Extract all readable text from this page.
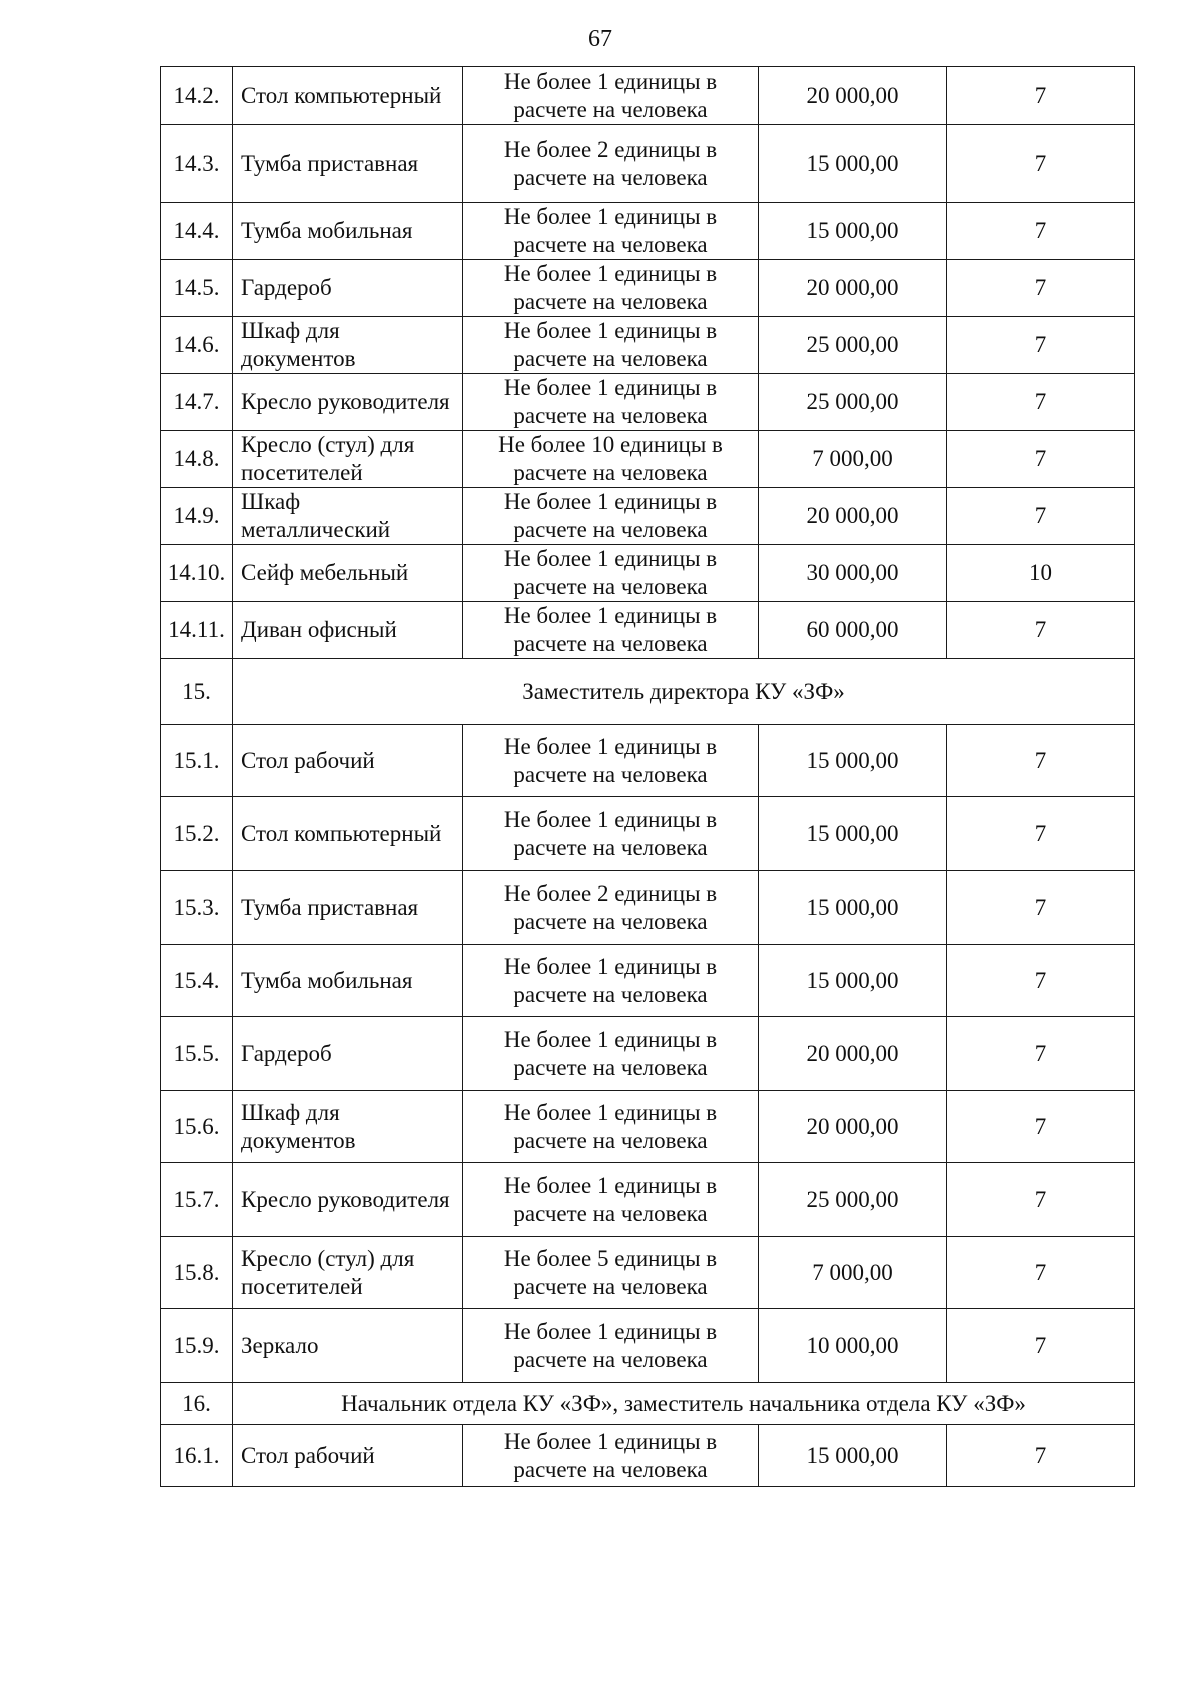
67
14.2.	Стол компьютерный	Не более 1 единицы в расчете на человека	20 000,00	7
14.3.	Тумба приставная	Не более 2 единицы в расчете на человека	15 000,00	7
14.4.	Тумба мобильная	Не более 1 единицы в расчете на человека	15 000,00	7
14.5.	Гардероб	Не более 1 единицы в расчете на человека	20 000,00	7
14.6.	Шкаф для документов	Не более 1 единицы в расчете на человека	25 000,00	7
14.7.	Кресло руководителя	Не более 1 единицы в расчете на человека	25 000,00	7
14.8.	Кресло (стул) для посетителей	Не более 10 единицы в расчете на человека	7 000,00	7
14.9.	Шкаф металлический	Не более 1 единицы в расчете на человека	20 000,00	7
14.10.	Сейф мебельный	Не более 1 единицы в расчете на человека	30 000,00	10
14.11.	Диван офисный	Не более 1 единицы в расчете на человека	60 000,00	7
15.	Заместитель директора КУ «ЗФ»			
15.1.	Стол рабочий	Не более 1 единицы в расчете на человека	15 000,00	7
15.2.	Стол компьютерный	Не более 1 единицы в расчете на человека	15 000,00	7
15.3.	Тумба приставная	Не более 2 единицы в расчете на человека	15 000,00	7
15.4.	Тумба мобильная	Не более 1 единицы в расчете на человека	15 000,00	7
15.5.	Гардероб	Не более 1 единицы в расчете на человека	20 000,00	7
15.6.	Шкаф для документов	Не более 1 единицы в расчете на человека	20 000,00	7
15.7.	Кресло руководителя	Не более 1 единицы в расчете на человека	25 000,00	7
15.8.	Кресло (стул) для посетителей	Не более 5 единицы в расчете на человека	7 000,00	7
15.9.	Зеркало	Не более 1 единицы в расчете на человека	10 000,00	7
16.	Начальник отдела КУ «ЗФ», заместитель начальника отдела КУ «ЗФ»			
16.1.	Стол рабочий	Не более 1 единицы в расчете на человека	15 000,00	7
